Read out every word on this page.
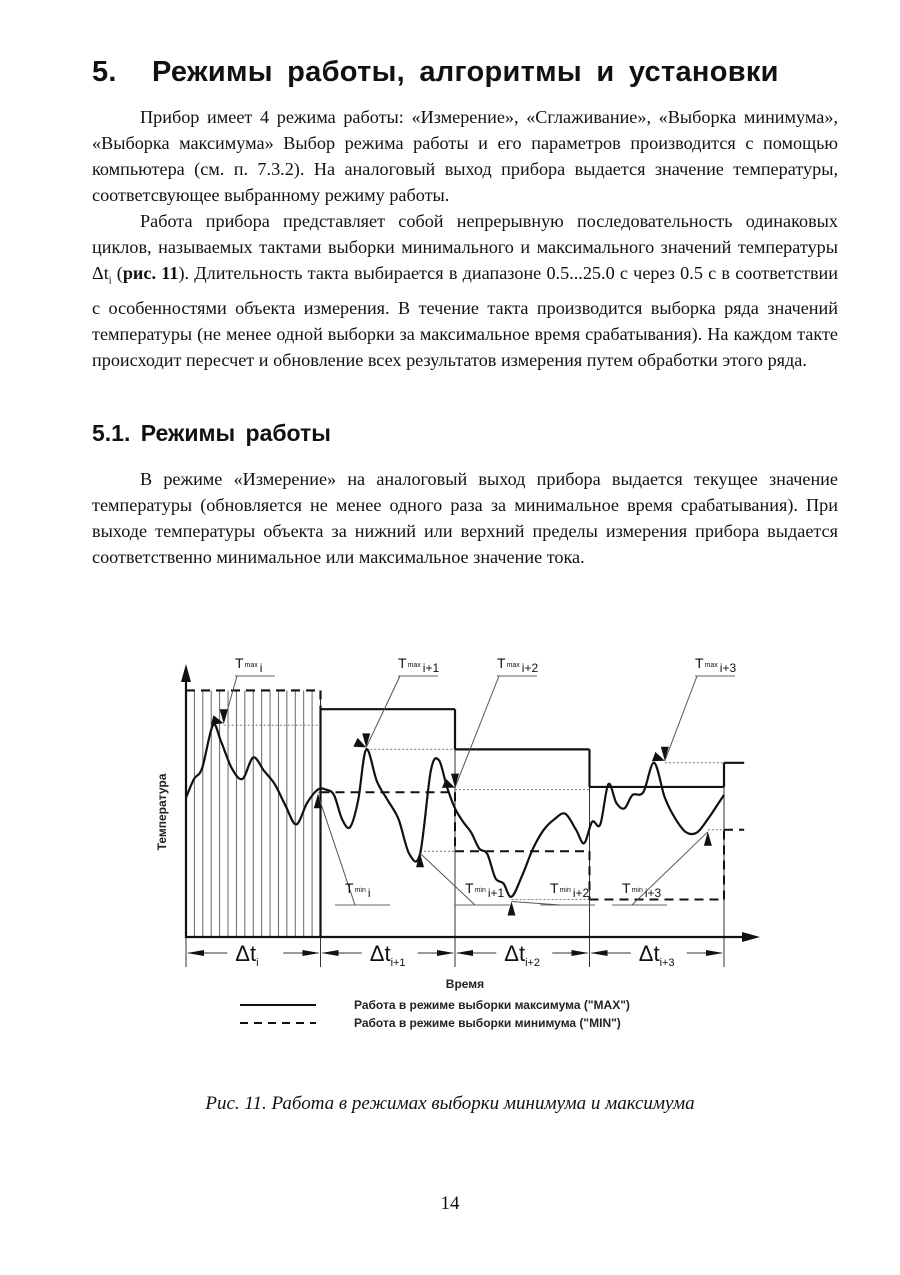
5. Режимы работы, алгоритмы и установки

Прибор имеет 4 режима работы: «Измерение», «Сглаживание», «Выборка минимума», «Выборка максимума» Выбор режима работы и его параметров производится с помощью компьютера (см. п. 7.3.2). На аналоговый выход прибора выдается значение температуры, соответсвующее выбранному режиму работы.

Работа прибора представляет собой непрерывную последовательность одинаковых циклов, называемых тактами выборки минимального и максимального значений температуры $\Delta t_i$ (рис. 11). Длительность такта выбирается в диапазоне 0.5...25.0 с через 0.5 с в соответствии с особенностями объекта измерения. В течение такта производится выборка ряда значений температуры (не менее одной выборки за максимальное время срабатывания). На каждом такте происходит пересчет и обновление всех результатов измерения путем обработки этого ряда.

5.1. Режимы работы

В режиме «Измерение» на аналоговый выход прибора выдается текущее значение температуры (обновляется не менее одного раза за минимальное время срабатывания). При выходе температуры объекта за нижний или верхний пределы измерения прибора выдается соответственно минимальное или максимальное значение тока.

$\Delta t_i$	$\Delta t_{i+1}$	$\Delta t_{i+2}$	$\Delta t_{i+3}$
Tmax i	Tmax i+1	Tmax i+2	Tmax i+3
Tmin i	Tmin i+1	Tmin i+2 Tmin i+3
Температура
Время
Работа в режиме выборки максимума ("MAX")
Работа в режиме выборки минимума ("MIN")
Рис. 11. Работа в режимах выборки минимума и максимума
14
